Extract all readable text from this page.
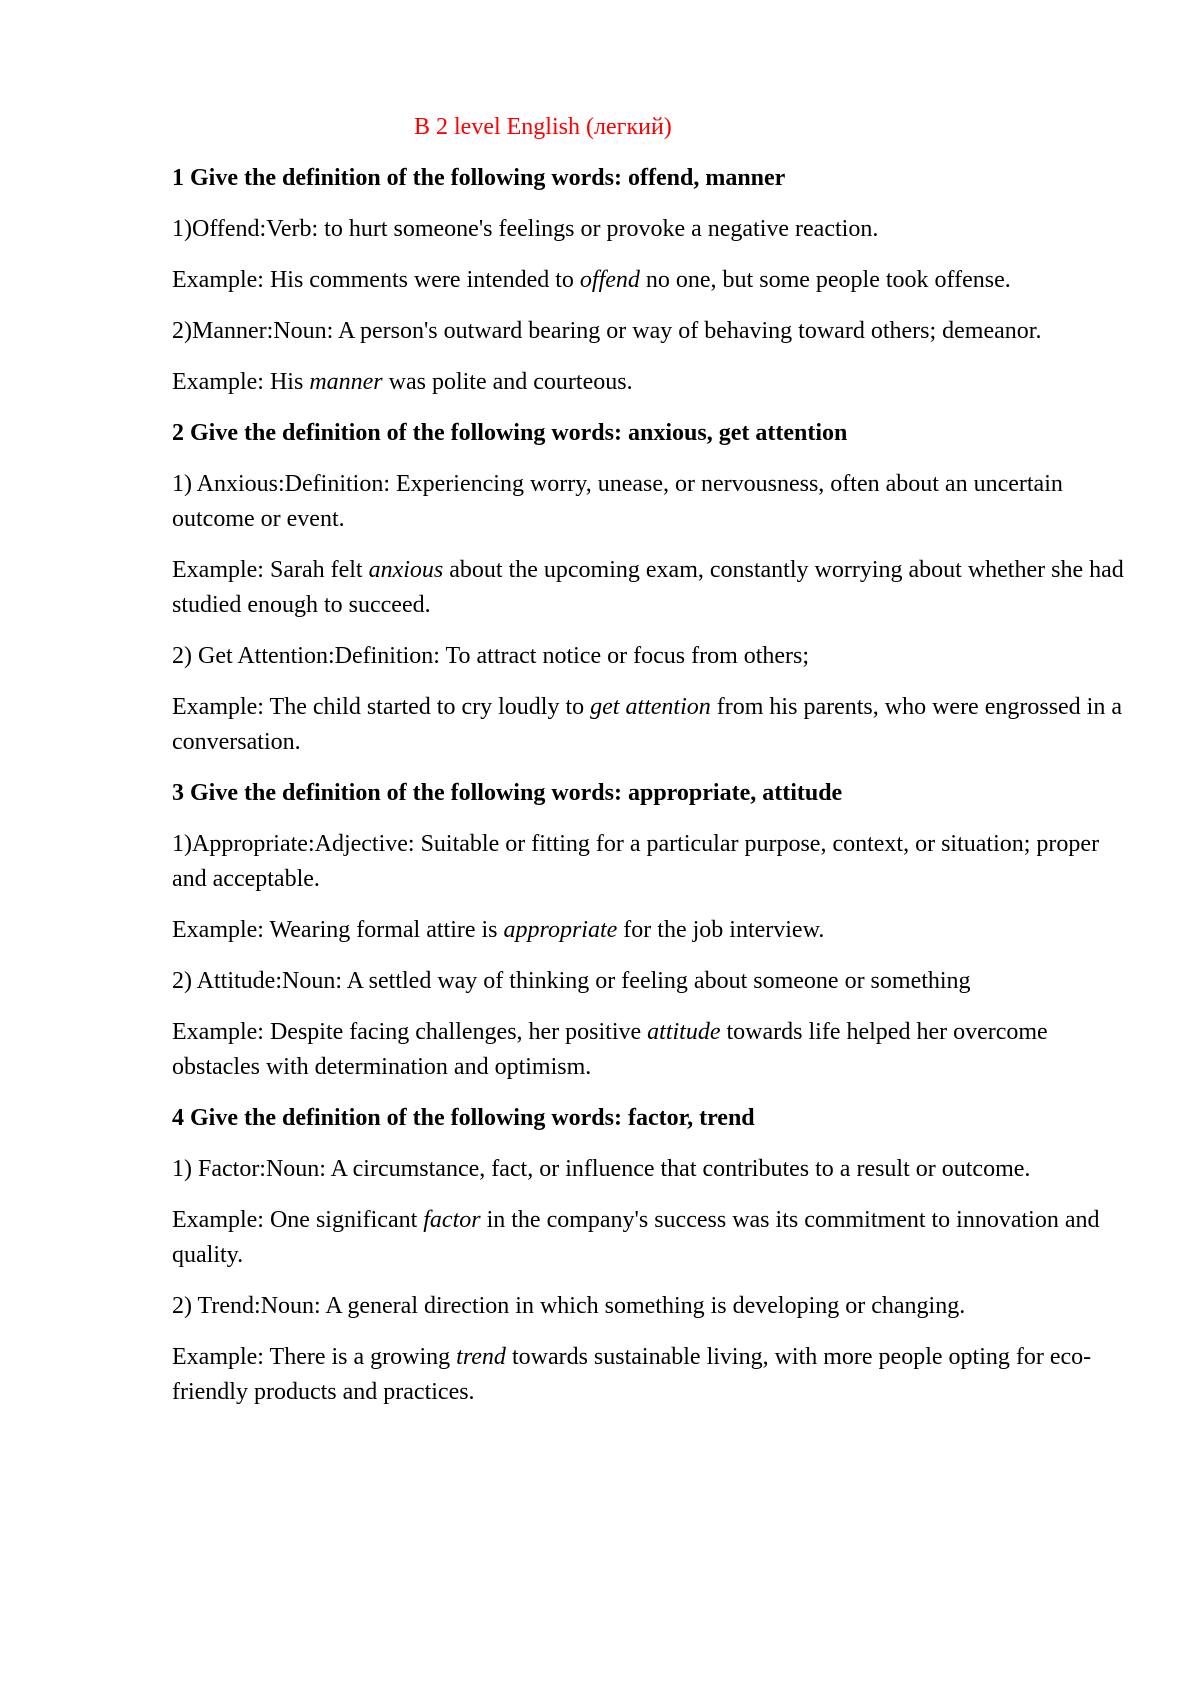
B 2 level English (легкий)
1 Give the definition of the following words: offend, manner
1)Offend:Verb: to hurt someone's feelings or provoke a negative reaction.
Example: His comments were intended to offend no one, but some people took offense.
2)Manner:Noun: A person's outward bearing or way of behaving toward others; demeanor.
Example: His manner was polite and courteous.
2 Give the definition of the following words: anxious, get attention
1) Anxious:Definition: Experiencing worry, unease, or nervousness, often about an uncertain outcome or event.
Example: Sarah felt anxious about the upcoming exam, constantly worrying about whether she had studied enough to succeed.
2) Get Attention:Definition: To attract notice or focus from others;
Example: The child started to cry loudly to get attention from his parents, who were engrossed in a conversation.
3 Give the definition of the following words: appropriate, attitude
1)Appropriate:Adjective: Suitable or fitting for a particular purpose, context, or situation; proper and acceptable.
Example: Wearing formal attire is appropriate for the job interview.
2) Attitude:Noun: A settled way of thinking or feeling about someone or something
Example: Despite facing challenges, her positive attitude towards life helped her overcome obstacles with determination and optimism.
4 Give the definition of the following words: factor, trend
1) Factor:Noun: A circumstance, fact, or influence that contributes to a result or outcome.
Example: One significant factor in the company's success was its commitment to innovation and quality.
2) Trend:Noun: A general direction in which something is developing or changing.
Example: There is a growing trend towards sustainable living, with more people opting for eco-friendly products and practices.
